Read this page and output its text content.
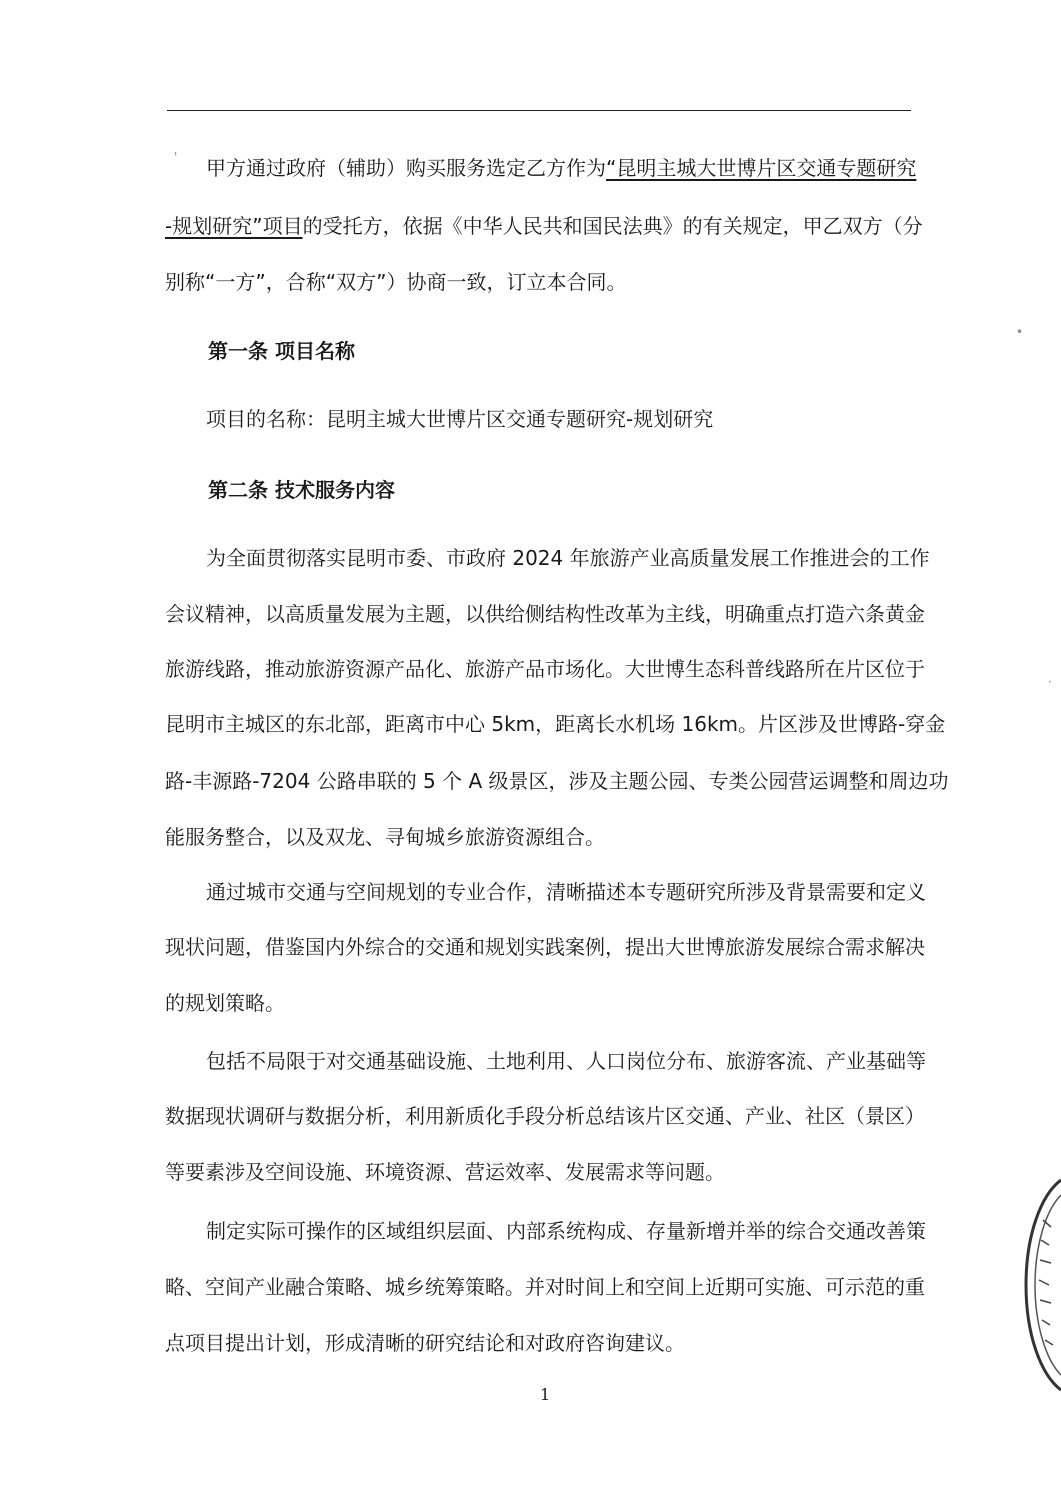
甲方通过政府（辅助）购买服务选定乙方作为“昆明主城大世博片区交通专题研究
-规划研究”项目的受托方，依据《中华人民共和国民法典》的有关规定，甲乙双方（分
别称“一方”，合称“双方”）协商一致，订立本合同。
第一条 项目名称
项目的名称：昆明主城大世博片区交通专题研究-规划研究
第二条 技术服务内容
为全面贯彻落实昆明市委、市政府 2024 年旅游产业高质量发展工作推进会的工作
会议精神，以高质量发展为主题，以供给侧结构性改革为主线，明确重点打造六条黄金
旅游线路，推动旅游资源产品化、旅游产品市场化。大世博生态科普线路所在片区位于
昆明市主城区的东北部，距离市中心 5km，距离长水机场 16km。片区涉及世博路-穿金
路-丰源路-7204 公路串联的 5 个 A 级景区，涉及主题公园、专类公园营运调整和周边功
能服务整合，以及双龙、寻甸城乡旅游资源组合。
通过城市交通与空间规划的专业合作，清晰描述本专题研究所涉及背景需要和定义
现状问题，借鉴国内外综合的交通和规划实践案例，提出大世博旅游发展综合需求解决
的规划策略。
包括不局限于对交通基础设施、土地利用、人口岗位分布、旅游客流、产业基础等
数据现状调研与数据分析，利用新质化手段分析总结该片区交通、产业、社区（景区）
等要素涉及空间设施、环境资源、营运效率、发展需求等问题。
制定实际可操作的区域组织层面、内部系统构成、存量新增并举的综合交通改善策
略、空间产业融合策略、城乡统筹策略。并对时间上和空间上近期可实施、可示范的重
点项目提出计划，形成清晰的研究结论和对政府咨询建议。
1
•
·
'
